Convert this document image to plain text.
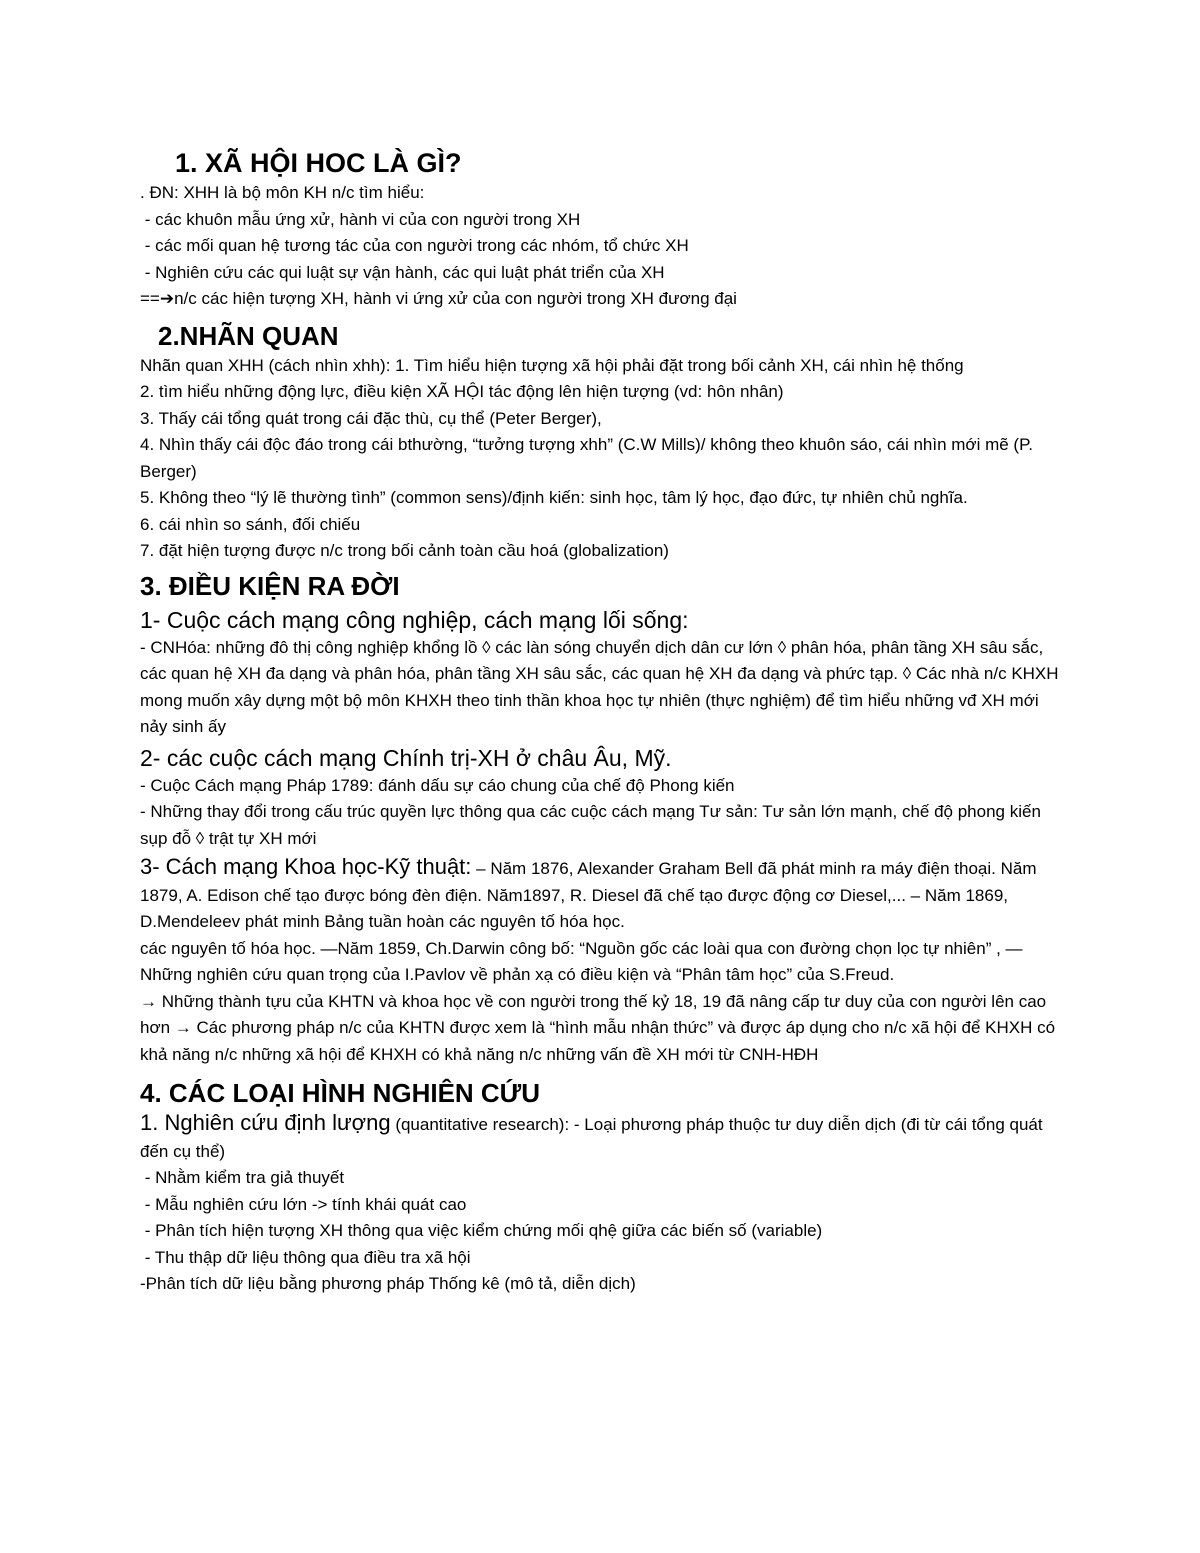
1. XÃ HỘI HOC LÀ GÌ?

. ĐN: XHH là bộ môn KH n/c tìm hiểu:

- các khuôn mẫu ứng xử, hành vi của con người trong XH

- các mối quan hệ tương tác của con người trong các nhóm, tổ chức XH

- Nghiên cứu các qui luật sự vận hành, các qui luật phát triển của XH

==➔n/c các hiện tượng XH, hành vi ứng xử của con người trong XH đương đại

2.NHÃN QUAN

Nhãn quan XHH (cách nhìn xhh): 1. Tìm hiểu hiện tượng xã hội phải đặt trong bối cảnh XH, cái nhìn hệ thống

2. tìm hiểu những động lực, điều kiện XÃ HỘI tác động lên hiện tượng (vd: hôn nhân)

3. Thấy cái tổng quát trong cái đặc thù, cụ thể (Peter Berger),

4. Nhìn thấy cái độc đáo trong cái bthường, “tưởng tượng xhh” (C.W Mills)/ không theo khuôn sáo, cái nhìn mới mẽ (P. Berger)

5. Không theo “lý lẽ thường tình” (common sens)/định kiến: sinh học, tâm lý học, đạo đức, tự nhiên chủ nghĩa.

6. cái nhìn so sánh, đối chiếu

7. đặt hiện tượng được n/c trong bối cảnh toàn cầu hoá (globalization)

3. ĐIỀU KIỆN RA ĐỜI
1- Cuộc cách mạng công nghiệp, cách mạng lối sống:

- CNHóa: những đô thị công nghiệp khổng lồ ◊ các làn sóng chuyển dịch dân cư lớn ◊ phân hóa, phân tầng XH sâu sắc, các quan hệ XH đa dạng và phân hóa, phân tầng XH sâu sắc, các quan hệ XH đa dạng và phức tạp. ◊ Các nhà n/c KHXH mong muốn xây dựng một bộ môn KHXH theo tinh thần khoa học tự nhiên (thực nghiệm) để tìm hiểu những vđ XH mới nảy sinh ấy

2- các cuộc cách mạng Chính trị-XH ở châu Âu, Mỹ.

- Cuộc Cách mạng Pháp 1789: đánh dấu sự cáo chung của chế độ Phong kiến

- Những thay đổi trong cấu trúc quyền lực thông qua các cuộc cách mạng Tư sản: Tư sản lớn mạnh, chế độ phong kiến sụp đỗ ◊ trật tự XH mới

3- Cách mạng Khoa học-Kỹ thuật: – Năm 1876, Alexander Graham Bell đã phát minh ra máy điện thoại. Năm 1879, A. Edison chế tạo được bóng đèn điện. Năm1897, R. Diesel đã chế tạo được động cơ Diesel,... – Năm 1869, D.Mendeleev phát minh Bảng tuần hoàn các nguyên tố hóa học.

các nguyên tố hóa học. —Năm 1859, Ch.Darwin công bố: “Nguồn gốc các loài qua con đường chọn lọc tự nhiên” , —Những nghiên cứu quan trọng của I.Pavlov về phản xạ có điều kiện và “Phân tâm học” của S.Freud.

→ Những thành tựu của KHTN và khoa học về con người trong thế kỷ 18, 19 đã nâng cấp tư duy của con người lên cao hơn → Các phương pháp n/c của KHTN được xem là “hình mẫu nhận thức” và được áp dụng cho n/c xã hội để KHXH có khả năng n/c những xã hội để KHXH có khả năng n/c những vấn đề XH mới từ CNH-HĐH

4. CÁC LOẠI HÌNH NGHIÊN CỨU

1. Nghiên cứu định lượng (quantitative research): - Loại phương pháp thuộc tư duy diễn dịch (đi từ cái tổng quát đến cụ thể)

- Nhằm kiểm tra giả thuyết

- Mẫu nghiên cứu lớn -> tính khái quát cao

- Phân tích hiện tượng XH thông qua việc kiểm chứng mối qhệ giữa các biến số (variable)

- Thu thập dữ liệu thông qua điều tra xã hội

-Phân tích dữ liệu bằng phương pháp Thống kê (mô tả, diễn dịch)
